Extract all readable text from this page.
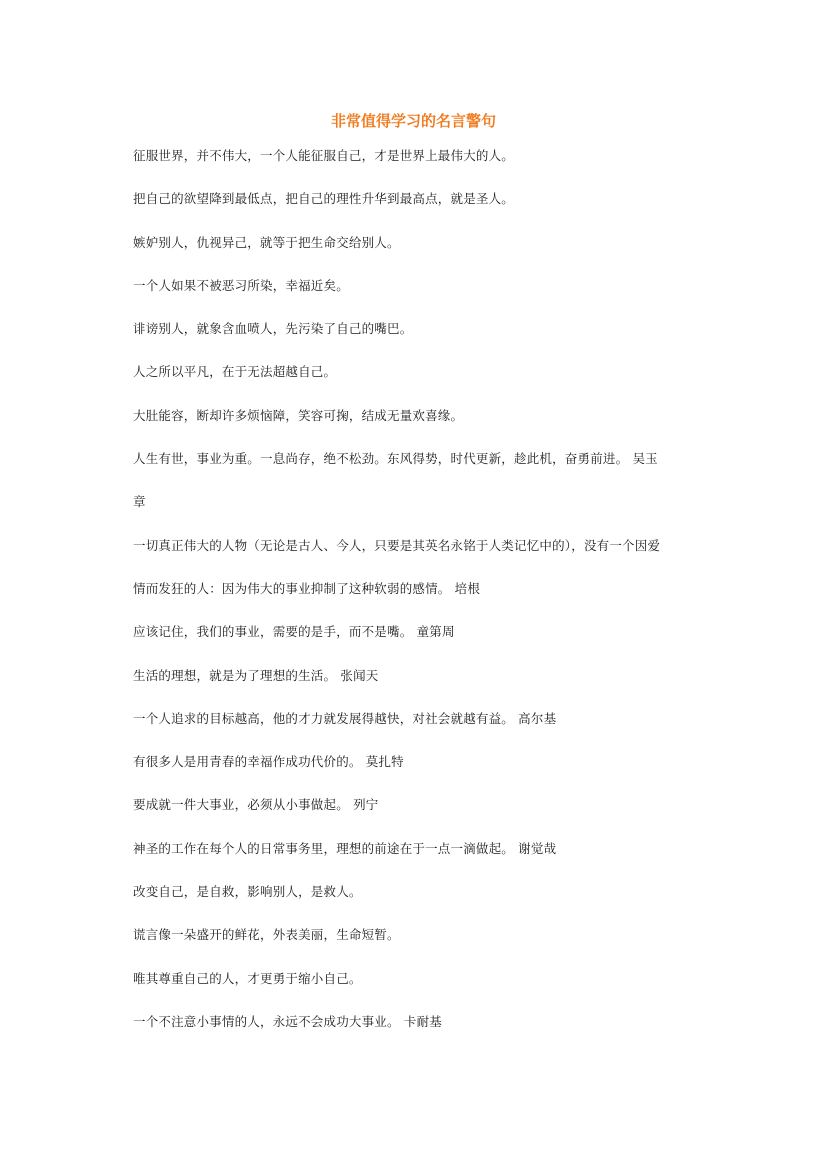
非常值得学习的名言警句
征服世界，并不伟大，一个人能征服自己，才是世界上最伟大的人。
把自己的欲望降到最低点，把自己的理性升华到最高点，就是圣人。
嫉妒别人，仇视异己，就等于把生命交给别人。
一个人如果不被恶习所染，幸福近矣。
诽谤别人，就象含血喷人，先污染了自己的嘴巴。
人之所以平凡，在于无法超越自己。
大肚能容，断却许多烦恼障，笑容可掬，结成无量欢喜缘。
人生有世，事业为重。一息尚存，绝不松劲。东风得势，时代更新，趁此机，奋勇前进。 吴玉
章
一切真正伟大的人物（无论是古人、今人，只要是其英名永铭于人类记忆中的），没有一个因爱
情而发狂的人：因为伟大的事业抑制了这种软弱的感情。 培根
应该记住，我们的事业，需要的是手，而不是嘴。 童第周
生活的理想，就是为了理想的生活。 张闻天
一个人追求的目标越高，他的才力就发展得越快，对社会就越有益。 高尔基
有很多人是用青春的幸福作成功代价的。 莫扎特
要成就一件大事业，必须从小事做起。 列宁
神圣的工作在每个人的日常事务里，理想的前途在于一点一滴做起。 谢觉哉
改变自己，是自救，影响别人，是救人。
谎言像一朵盛开的鲜花，外表美丽，生命短暂。
唯其尊重自己的人，才更勇于缩小自己。
一个不注意小事情的人，永远不会成功大事业。 卡耐基
